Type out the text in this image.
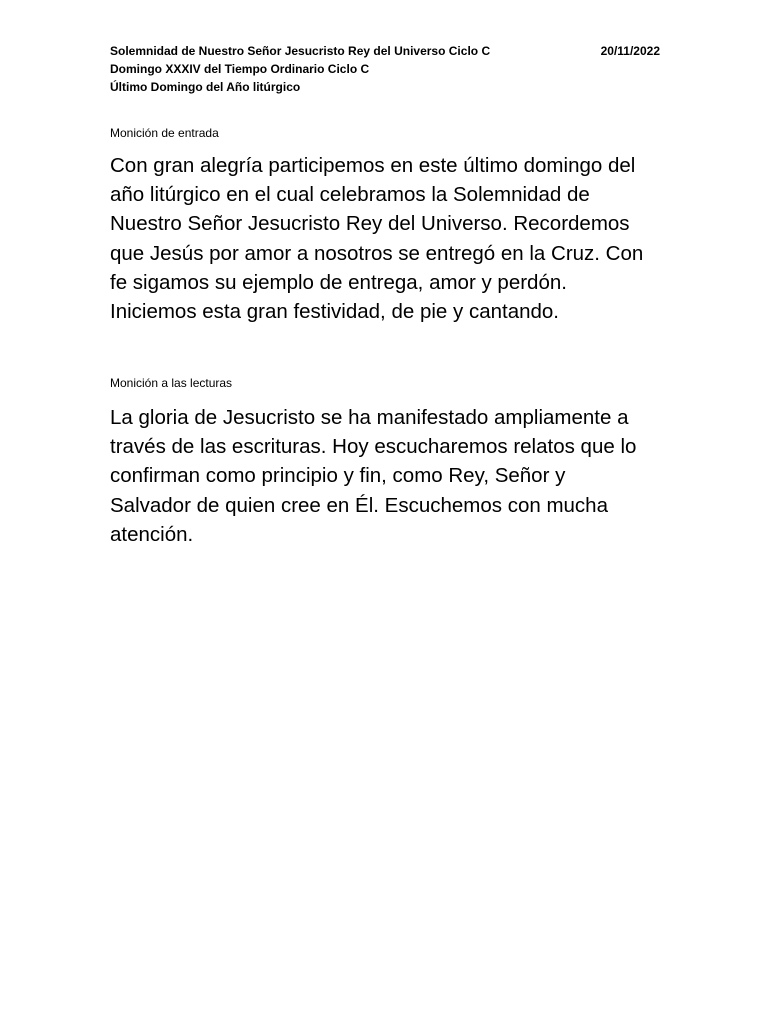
Solemnidad de Nuestro Señor Jesucristo Rey del Universo Ciclo C	20/11/2022
Domingo XXXIV del Tiempo Ordinario Ciclo C
Último Domingo del Año litúrgico
Monición de entrada
Con gran alegría participemos en este último domingo del
año litúrgico en el cual celebramos la Solemnidad de
Nuestro Señor Jesucristo Rey del Universo. Recordemos
que Jesús por amor a nosotros se entregó en la Cruz. Con
fe sigamos su ejemplo de entrega, amor y perdón.
Iniciemos esta gran festividad, de pie y cantando.
Monición a las lecturas
La gloria de Jesucristo se ha manifestado ampliamente a
través de las escrituras. Hoy escucharemos relatos que lo
confirman como principio y fin, como Rey, Señor y
Salvador de quien cree en Él. Escuchemos con mucha
atención.
